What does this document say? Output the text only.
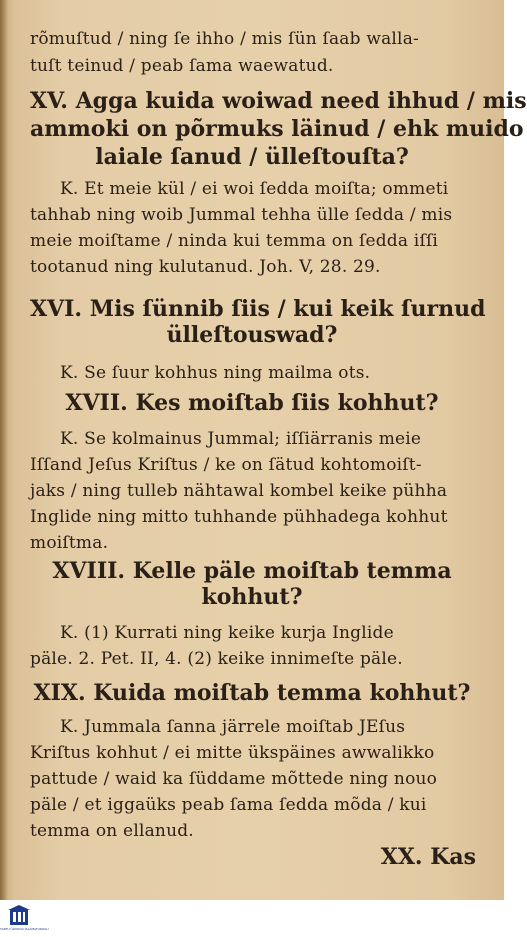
rõmuſtud / ning ſe ihho / mis ſün ſaab walla-
tuſt teinud / peab ſama waewatud.
XV. Agga kuida woiwad need ihhud / mis
ammoki on põrmuks läinud / ehk muido
laiale ſanud / ülleſtouſta?
K. Et meie kül / ei woi ſedda moiſta; ommeti
tahhab ning woib Jummal tehha ülle ſedda / mis
meie moiſtame / ninda kui temma on ſedda iſſi
tootanud ning kulutanud. Joh. V, 28. 29.
XVI. Mis ſünnib ſiis / kui keik ſurnud
ülleſtouswad?
K. Se ſuur kohhus ning mailma ots.
XVII. Kes moiſtab ſiis kohhut?
K. Se kolmainus Jummal; iſſiärranis meie
Iſſand Jeſus Kriſtus / ke on ſätud kohtomoiſt-
jaks / ning tulleb nähtawal kombel keike pühha
Inglide ning mitto tuhhande pühhadega kohhut
moiſtma.
XVIII. Kelle päle moiſtab temma
kohhut?
K. (1) Kurrati ning keike kurja Inglide
päle. 2. Pet. II, 4. (2) keike innimeſte päle.
XIX. Kuida moiſtab temma kohhut?
K. Jummala ſanna järrele moiſtab JEſus
Kriſtus kohhut / ei mitte ükspäines awwalikko
pattude / waid ka ſüddame mõttede ning nouo
päle / et iggaüks peab ſama ſedda mõda / kui
temma on ellanud.
XX. Kas
TARTU ÜLIKOOLI RAAMATUKOGU
